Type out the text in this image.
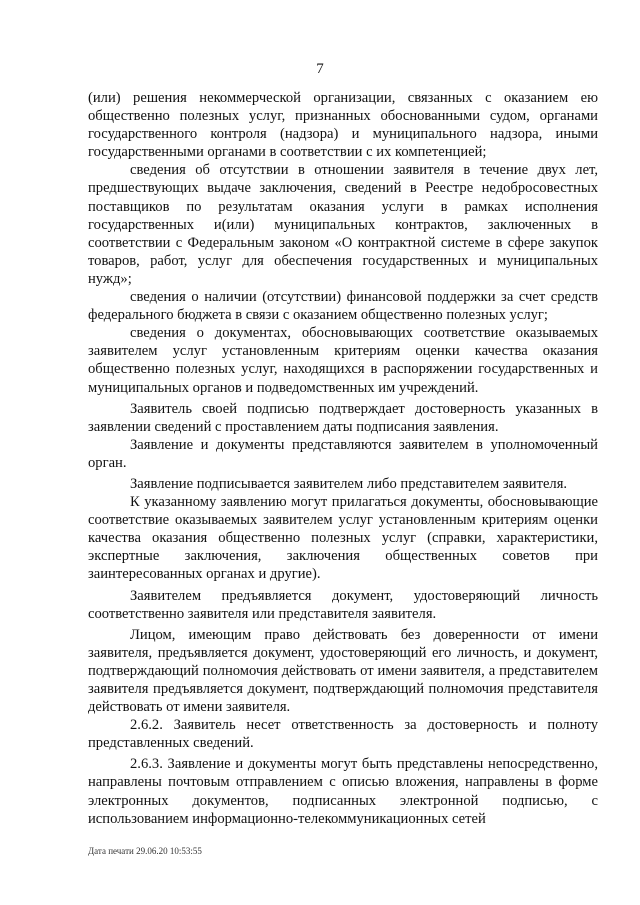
7

(или) решения некоммерческой организации, связанных с оказанием ею общественно полезных услуг, признанных обоснованными судом, органами государственного контроля (надзора) и муниципального надзора, иными государственными органами в соответствии с их компетенцией;

сведения об отсутствии в отношении заявителя в течение двух лет, предшествующих выдаче заключения, сведений в Реестре недобросовестных поставщиков по результатам оказания услуги в рамках исполнения государственных и(или) муниципальных контрактов, заключенных в соответствии с Федеральным законом «О контрактной системе в сфере закупок товаров, работ, услуг для обеспечения государственных и муниципальных нужд»;

сведения о наличии (отсутствии) финансовой поддержки за счет средств федерального бюджета в связи с оказанием общественно полезных услуг;

сведения о документах, обосновывающих соответствие оказываемых заявителем услуг установленным критериям оценки качества оказания общественно полезных услуг, находящихся в распоряжении государственных и муниципальных органов и подведомственных им учреждений.

Заявитель своей подписью подтверждает достоверность указанных в заявлении сведений с проставлением даты подписания заявления.

Заявление и документы представляются заявителем в уполномоченный орган.

Заявление подписывается заявителем либо представителем заявителя.

К указанному заявлению могут прилагаться документы, обосновывающие соответствие оказываемых заявителем услуг установленным критериям оценки качества оказания общественно полезных услуг (справки, характеристики, экспертные заключения, заключения общественных советов при заинтересованных органах и другие).

Заявителем предъявляется документ, удостоверяющий личность соответственно заявителя или представителя заявителя.

Лицом, имеющим право действовать без доверенности от имени заявителя, предъявляется документ, удостоверяющий его личность, и документ, подтверждающий полномочия действовать от имени заявителя, а представителем заявителя предъявляется документ, подтверждающий полномочия представителя действовать от имени заявителя.

2.6.2. Заявитель несет ответственность за достоверность и полноту представленных сведений.

2.6.3. Заявление и документы могут быть представлены непосредственно, направлены почтовым отправлением с описью вложения, направлены в форме электронных документов, подписанных электронной подписью, с использованием информационно-телекоммуникационных сетей

Дата печати 29.06.20 10:53:55
